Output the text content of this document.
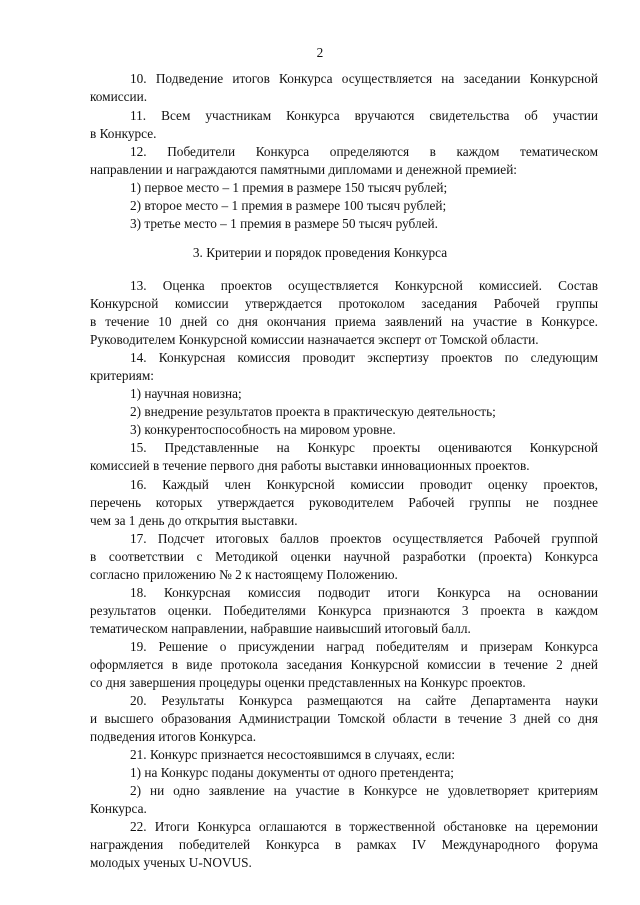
2
10. Подведение итогов Конкурса осуществляется на заседании Конкурсной
комиссии.
11. Всем участникам Конкурса вручаются свидетельства об участии
в Конкурсе.
12. Победители Конкурса определяются в каждом тематическом
направлении и награждаются памятными дипломами и денежной премией:
1) первое место – 1 премия в размере 150 тысяч рублей;
2) второе место – 1 премия в размере 100 тысяч рублей;
3) третье место – 1 премия в размере 50 тысяч рублей.
3. Критерии и порядок проведения Конкурса
13. Оценка проектов осуществляется Конкурсной комиссией. Состав
Конкурсной комиссии утверждается протоколом заседания Рабочей группы
в течение 10 дней со дня окончания приема заявлений на участие в Конкурсе.
Руководителем Конкурсной комиссии назначается эксперт от Томской области.
14. Конкурсная комиссия проводит экспертизу проектов по следующим
критериям:
1) научная новизна;
2) внедрение результатов проекта в практическую деятельность;
3) конкурентоспособность на мировом уровне.
15. Представленные на Конкурс проекты оцениваются Конкурсной
комиссией в течение первого дня работы выставки инновационных проектов.
16. Каждый член Конкурсной комиссии проводит оценку проектов,
перечень которых утверждается руководителем Рабочей группы не позднее
чем за 1 день до открытия выставки.
17. Подсчет итоговых баллов проектов осуществляется Рабочей группой
в соответствии с Методикой оценки научной разработки (проекта) Конкурса
согласно приложению № 2 к настоящему Положению.
18. Конкурсная комиссия подводит итоги Конкурса на основании
результатов оценки. Победителями Конкурса признаются 3 проекта в каждом
тематическом направлении, набравшие наивысший итоговый балл.
19. Решение о присуждении наград победителям и призерам Конкурса
оформляется в виде протокола заседания Конкурсной комиссии в течение 2 дней
со дня завершения процедуры оценки представленных на Конкурс проектов.
20. Результаты Конкурса размещаются на сайте Департамента науки
и высшего образования Администрации Томской области в течение 3 дней со дня
подведения итогов Конкурса.
21. Конкурс признается несостоявшимся в случаях, если:
1) на Конкурс поданы документы от одного претендента;
2) ни одно заявление на участие в Конкурсе не удовлетворяет критериям
Конкурса.
22. Итоги Конкурса оглашаются в торжественной обстановке на церемонии
награждения победителей Конкурса в рамках IV Международного форума
молодых ученых U-NOVUS.
